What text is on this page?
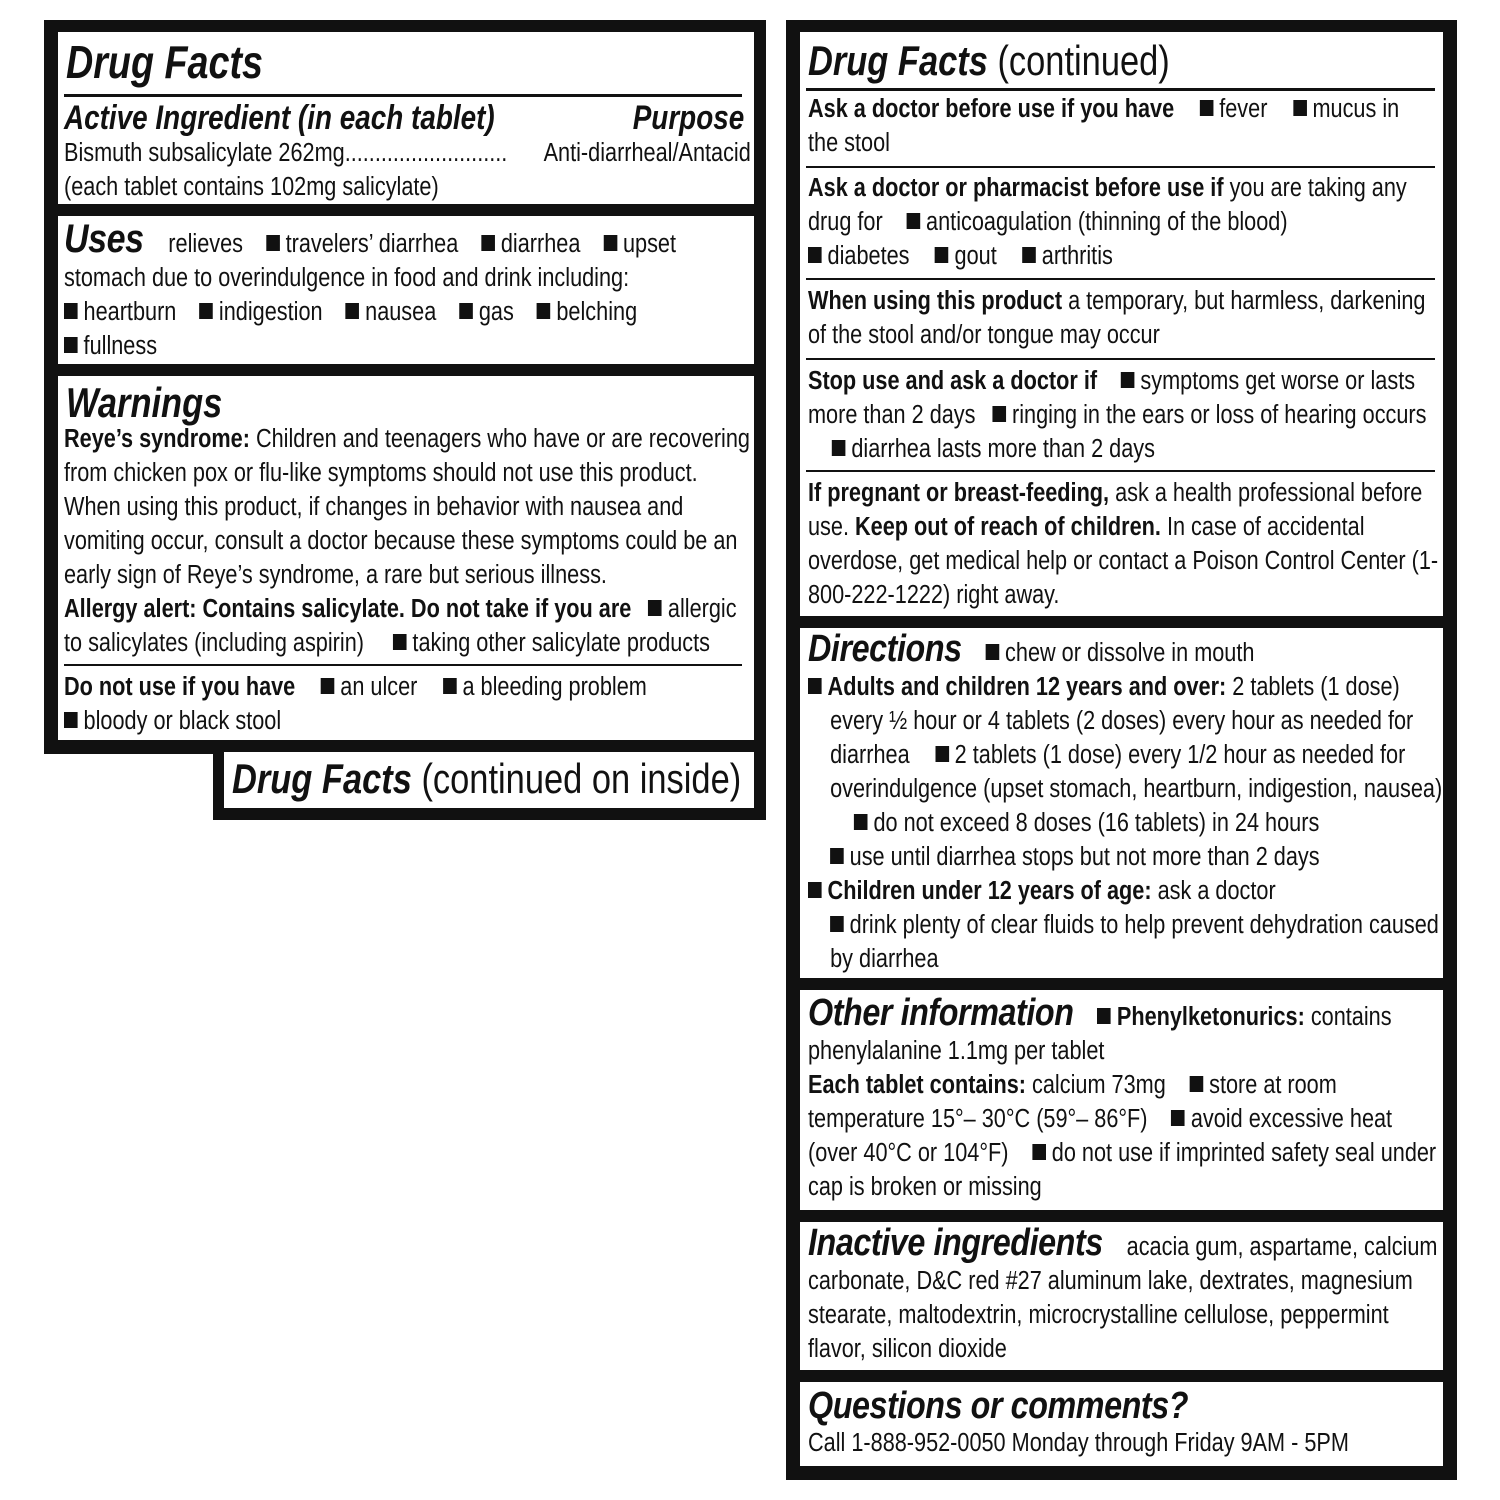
Drug Facts
Active Ingredient (in each tablet)	Purpose
Bismuth subsalicylate 262mg........................... Anti-diarrheal/Antacid
(each tablet contains 102mg salicylate)
Uses relieves travelers’ diarrhea diarrhea upset
stomach due to overindulgence in food and drink including:
heartburn indigestion nausea gas belching
fullness
Warnings
Reye’s syndrome: Children and teenagers who have or are recovering from chicken pox or flu-like symptoms should not use this product. When using this product, if changes in behavior with nausea and vomiting occur, consult a doctor because these symptoms could be an early sign of Reye’s syndrome, a rare but serious illness.
Allergy alert: Contains salicylate. Do not take if you are allergic to salicylates (including aspirin) taking other salicylate products
Do not use if you have an ulcer a bleeding problem
bloody or black stool
Drug Facts (continued on inside)
Drug Facts (continued)
Ask a doctor before use if you have fever mucus in
the stool
Ask a doctor or pharmacist before use if you are taking any drug for anticoagulation (thinning of the blood)
diabetes gout arthritis
When using this product a temporary, but harmless, darkening of the stool and/or tongue may occur
Stop use and ask a doctor if symptoms get worse or lasts more than 2 days ringing in the ears or loss of hearing occursdiarrhea lasts more than 2 days
If pregnant or breast-feeding, ask a health professional before use. Keep out of reach of children. In case of accidental overdose, get medical help or contact a Poison Control Center (1-800-222-1222) right away.
Directions chew or dissolve in mouth
Adults and children 12 years and over: 2 tablets (1 dose) every ½ hour or 4 tablets (2 doses) every hour as needed for diarrhea 2 tablets (1 dose) every 1/2 hour as needed for overindulgence (upset stomach, heartburn, indigestion, nausea)do not exceed 8 doses (16 tablets) in 24 hours
use until diarrhea stops but not more than 2 days
Children under 12 years of age: ask a doctor
drink plenty of clear fluids to help prevent dehydration caused by diarrhea
Other information Phenylketonurics: contains phenylalanine 1.1mg per tablet
Each tablet contains: calcium 73mg store at room temperature 15°– 30°C (59°– 86°F) avoid excessive heat (over 40°C or 104°F) do not use if imprinted safety seal under cap is broken or missing
Inactive ingredients acacia gum, aspartame, calcium carbonate, D&C red #27 aluminum lake, dextrates, magnesium stearate, maltodextrin, microcrystalline cellulose, peppermint flavor, silicon dioxide
Questions or comments?
Call 1-888-952-0050 Monday through Friday 9AM - 5PM
